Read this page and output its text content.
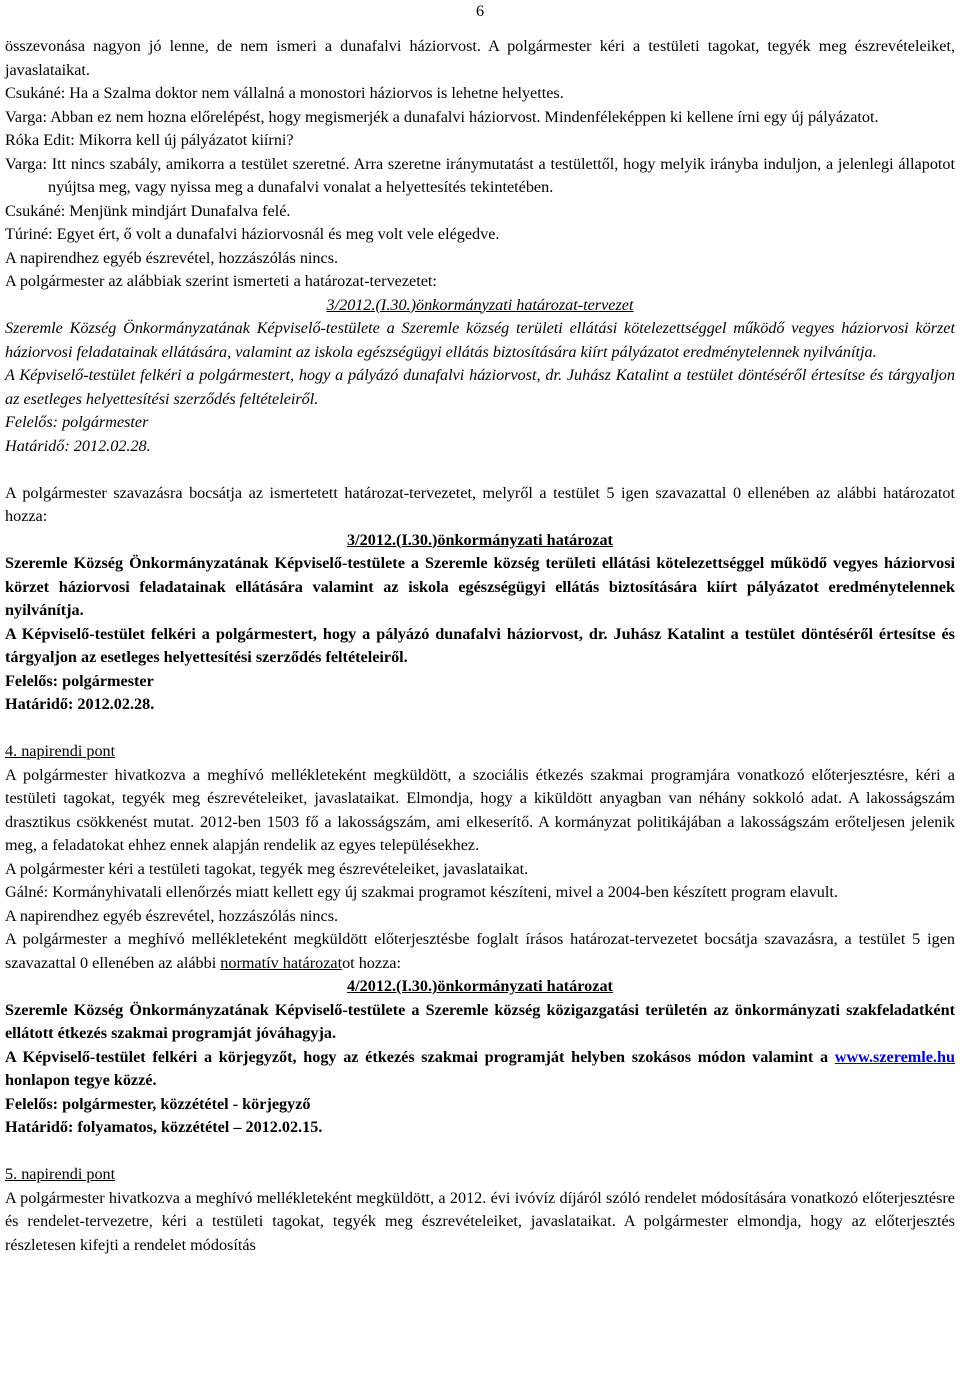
6

összevonása nagyon jó lenne, de nem ismeri a dunafalvi háziorvost. A polgármester kéri a testületi tagokat, tegyék meg észrevételeiket, javaslataikat.

Csukáné: Ha a Szalma doktor nem vállalná a monostori háziorvos is lehetne helyettes.

Varga: Abban ez nem hozna előrelépést, hogy megismerjék a dunafalvi háziorvost. Mindenféleképpen ki kellene írni egy új pályázatot.

Róka Edit: Mikorra kell új pályázatot kiírni?

Varga: Itt nincs szabály, amikorra a testület szeretné. Arra szeretne iránymutatást a testülettől, hogy melyik irányba induljon, a jelenlegi állapotot nyújtsa meg, vagy nyissa meg a dunafalvi vonalat a helyettesítés tekintetében.

Csukáné: Menjünk mindjárt Dunafalva felé.

Túriné: Egyet ért, ő volt a dunafalvi háziorvosnál és meg volt vele elégedve.

A napirendhez egyéb észrevétel, hozzászólás nincs.

A polgármester az alábbiak szerint ismerteti a határozat-tervezetet:

3/2012.(I.30.)önkormányzati határozat-tervezet

Szeremle Község Önkormányzatának Képviselő-testülete a Szeremle község területi ellátási kötelezettséggel működő vegyes háziorvosi körzet háziorvosi feladatainak ellátására, valamint az iskola egészségügyi ellátás biztosítására kiírt pályázatot eredménytelennek nyilvánítja.

A Képviselő-testület felkéri a polgármestert, hogy a pályázó dunafalvi háziorvost, dr. Juhász Katalint a testület döntéséről értesítse és tárgyaljon az esetleges helyettesítési szerződés feltételeiről.

Felelős: polgármester

Határidő: 2012.02.28.

A polgármester szavazásra bocsátja az ismertetett határozat-tervezetet, melyről a testület 5 igen szavazattal 0 ellenében az alábbi határozatot hozza:

3/2012.(I.30.)önkormányzati határozat

Szeremle Község Önkormányzatának Képviselő-testülete a Szeremle község területi ellátási kötelezettséggel működő vegyes háziorvosi körzet háziorvosi feladatainak ellátására valamint az iskola egészségügyi ellátás biztosítására kiírt pályázatot eredménytelennek nyilvánítja.

A Képviselő-testület felkéri a polgármestert, hogy a pályázó dunafalvi háziorvost, dr. Juhász Katalint a testület döntéséről értesítse és tárgyaljon az esetleges helyettesítési szerződés feltételeiről.

Felelős: polgármester

Határidő: 2012.02.28.

4. napirendi pont

A polgármester hivatkozva a meghívó mellékleteként megküldött, a szociális étkezés szakmai programjára vonatkozó előterjesztésre, kéri a testületi tagokat, tegyék meg észrevételeiket, javaslataikat. Elmondja, hogy a kiküldött anyagban van néhány sokkoló adat. A lakosságszám drasztikus csökkenést mutat. 2012-ben 1503 fő a lakosságszám, ami elkeserítő. A kormányzat politikájában a lakosságszám erőteljesen jelenik meg, a feladatokat ehhez ennek alapján rendelik az egyes településekhez.

A polgármester kéri a testületi tagokat, tegyék meg észrevételeiket, javaslataikat.

Gálné: Kormányhivatali ellenőrzés miatt kellett egy új szakmai programot készíteni, mivel a 2004-ben készített program elavult.

A napirendhez egyéb észrevétel, hozzászólás nincs.

A polgármester a meghívó mellékleteként megküldött előterjesztésbe foglalt írásos határozat-tervezetet bocsátja szavazásra, a testület 5 igen szavazattal 0 ellenében az alábbi normatív határozatot hozza:

4/2012.(I.30.)önkormányzati határozat

Szeremle Község Önkormányzatának Képviselő-testülete a Szeremle község közigazgatási területén az önkormányzati szakfeladatként ellátott étkezés szakmai programját jóváhagyja.

A Képviselő-testület felkéri a körjegyzőt, hogy az étkezés szakmai programját helyben szokásos módon valamint a www.szeremle.hu honlapon tegye közzé.

Felelős: polgármester, közzététel - körjegyző

Határidő: folyamatos, közzététel – 2012.02.15.

5. napirendi pont

A polgármester hivatkozva a meghívó mellékleteként megküldött, a 2012. évi ivóvíz díjáról szóló rendelet módosítására vonatkozó előterjesztésre és rendelet-tervezetre, kéri a testületi tagokat, tegyék meg észrevételeiket, javaslataikat. A polgármester elmondja, hogy az előterjesztés részletesen kifejti a rendelet módosítás
